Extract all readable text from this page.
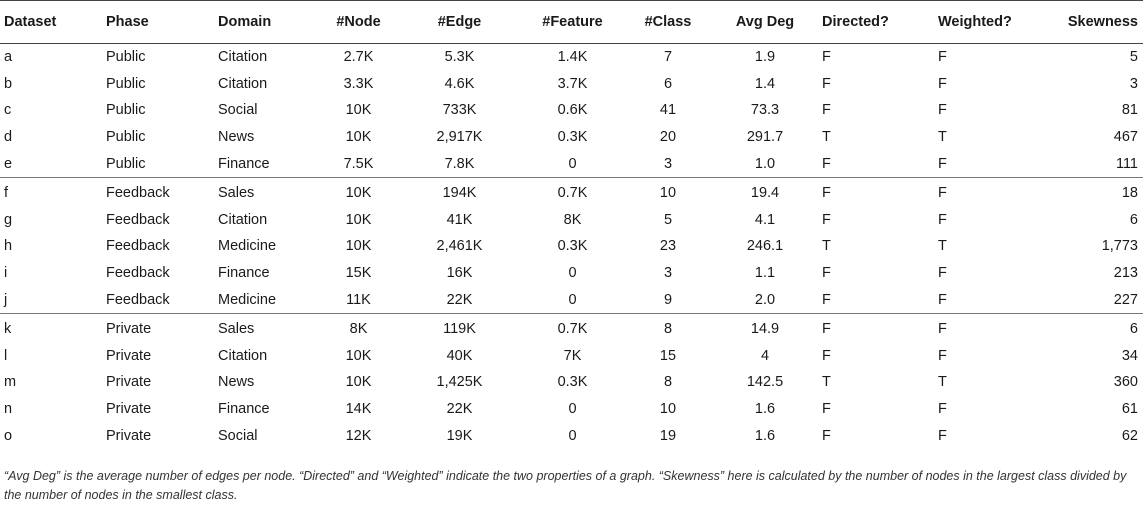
Dataset	Phase	Domain	#Node	#Edge	#Feature	#Class	Avg Deg	Directed?	Weighted?	Skewness
a	Public	Citation	2.7K	5.3K	1.4K	7	1.9	F	F	5
b	Public	Citation	3.3K	4.6K	3.7K	6	1.4	F	F	3
c	Public	Social	10K	733K	0.6K	41	73.3	F	F	81
d	Public	News	10K	2,917K	0.3K	20	291.7	T	T	467
e	Public	Finance	7.5K	7.8K	0	3	1.0	F	F	111
f	Feedback	Sales	10K	194K	0.7K	10	19.4	F	F	18
g	Feedback	Citation	10K	41K	8K	5	4.1	F	F	6
h	Feedback	Medicine	10K	2,461K	0.3K	23	246.1	T	T	1,773
i	Feedback	Finance	15K	16K	0	3	1.1	F	F	213
j	Feedback	Medicine	11K	22K	0	9	2.0	F	F	227
k	Private	Sales	8K	119K	0.7K	8	14.9	F	F	6
l	Private	Citation	10K	40K	7K	15	4	F	F	34
m	Private	News	10K	1,425K	0.3K	8	142.5	T	T	360
n	Private	Finance	14K	22K	0	10	1.6	F	F	61
o	Private	Social	12K	19K	0	19	1.6	F	F	62
“Avg Deg” is the average number of edges per node. “Directed” and “Weighted” indicate the two properties of a graph. “Skewness” here is calculated by the number of nodes in the largest class divided by the number of nodes in the smallest class.
